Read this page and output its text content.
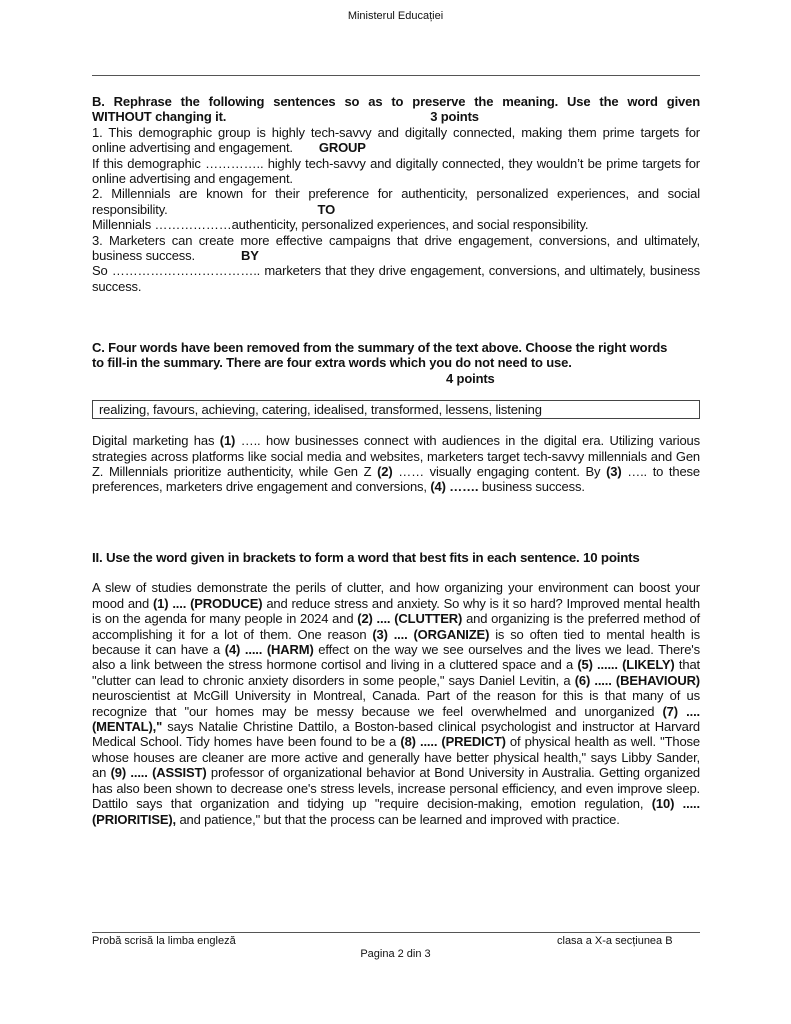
Ministerul Educației

B. Rephrase the following sentences so as to preserve the meaning. Use the word given

WITHOUT changing it.	3 points

1. This demographic group is highly tech-savvy and digitally connected, making them prime targets for online advertising and engagement. GROUP

If this demographic ………….. highly tech-savvy and digitally connected, they wouldn’t be prime targets for online advertising and engagement.

2. Millennials are known for their preference for authenticity, personalized experiences, and social responsibility.	TO

Millennials ………………authenticity, personalized experiences, and social responsibility.

3. Marketers can create more effective campaigns that drive engagement, conversions, and ultimately, business success.	BY

So …………………………….. marketers that they drive engagement, conversions, and ultimately, business success.

C. Four words have been removed from the summary of the text above. Choose the right words to fill-in the summary. There are four extra words which you do not need to use.

4 points

realizing, favours, achieving, catering, idealised, transformed, lessens, listening

Digital marketing has (1) ….. how businesses connect with audiences in the digital era. Utilizing various strategies across platforms like social media and websites, marketers target tech-savvy millennials and Gen Z. Millennials prioritize authenticity, while Gen Z (2) …… visually engaging content. By (3) ….. to these preferences, marketers drive engagement and conversions, (4) ……. business success.

II. Use the word given in brackets to form a word that best fits in each sentence. 10 points

A slew of studies demonstrate the perils of clutter, and how organizing your environment can boost your mood and (1) .... (PRODUCE) and reduce stress and anxiety. So why is it so hard? Improved mental health is on the agenda for many people in 2024 and (2) .... (CLUTTER) and organizing is the preferred method of accomplishing it for a lot of them. One reason (3) .... (ORGANIZE) is so often tied to mental health is because it can have a (4) ..... (HARM) effect on the way we see ourselves and the lives we lead. There's also a link between the stress hormone cortisol and living in a cluttered space and a (5) ...... (LIKELY) that "clutter can lead to chronic anxiety disorders in some people," says Daniel Levitin, a (6) ..... (BEHAVIOUR) neuroscientist at McGill University in Montreal, Canada. Part of the reason for this is that many of us recognize that "our homes may be messy because we feel overwhelmed and unorganized (7) .... (MENTAL)," says Natalie Christine Dattilo, a Boston-based clinical psychologist and instructor at Harvard Medical School. Tidy homes have been found to be a (8) ..... (PREDICT) of physical health as well. "Those whose houses are cleaner are more active and generally have better physical health," says Libby Sander, an (9) ..... (ASSIST) professor of organizational behavior at Bond University in Australia. Getting organized has also been shown to decrease one's stress levels, increase personal efficiency, and even improve sleep. Dattilo says that organization and tidying up "require decision-making, emotion regulation, (10) ..... (PRIORITISE), and patience," but that the process can be learned and improved with practice.

Probă scrisă la limba engleză	clasa a X-a secțiunea B
Pagina 2 din 3
